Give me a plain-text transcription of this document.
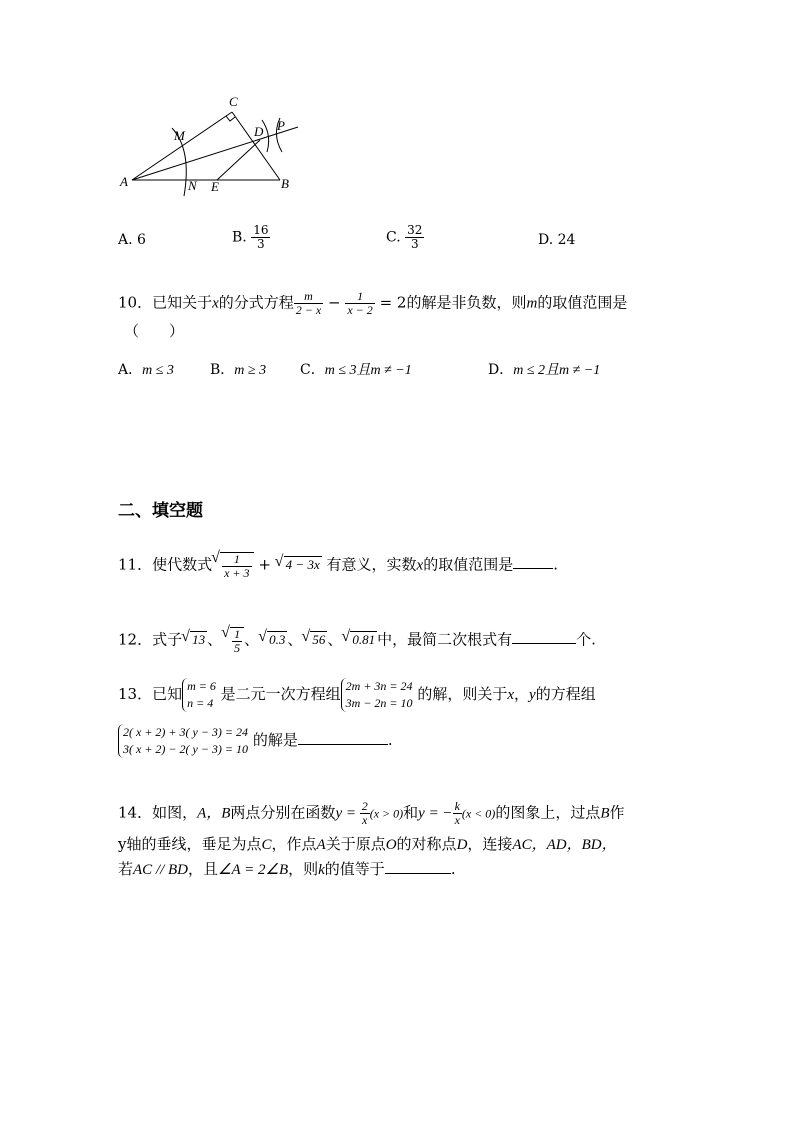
C
M	D P
A	N E	B
A. 6	B. $\frac{16}{3}$	C. $\frac{32}{3}$	D. 24
10．已知关于x的分式方程 $\frac{m}{2 - x} - \frac{1}{x - 2} = 2$的解是非负数，则m的取值范围是
（　　）
A．m ≤ 3	B．m ≥ 3 C．m ≤ 3且m ≠ −1	D．m ≤ 2且m ≠ −1
二、填空题
11．使代数式 √ $\frac{1}{x + 3}$ + √ 4 − 3x 有意义，实数x的取值范围是	.
12．式子 √ 13 、 √ $\frac{1}{5}$ 、 √ 0.3 、 √ 56 、 √ 0.81 中，最简二次根式有	个.
13．已知 m = 6
n = 4 是二元一次方程组 2m + 3n = 24
3m − 2n = 10 的解，则关于x，y的方程组
2( x + 2) + 3( y − 3) = 24
3( x + 2) − 2( y − 3) = 10 的解是	.
14．如图，A，B两点分别在函数$y = \frac{2}{x} (x > 0)$和y = − $\frac{k}{x} (x < 0)$的图象上，过点B作
y轴的垂线，垂足为点C，作点A关于原点O的对称点D，连接AC，AD，BD，
若AC // BD，且∠A = 2∠B，则k的值等于	.
